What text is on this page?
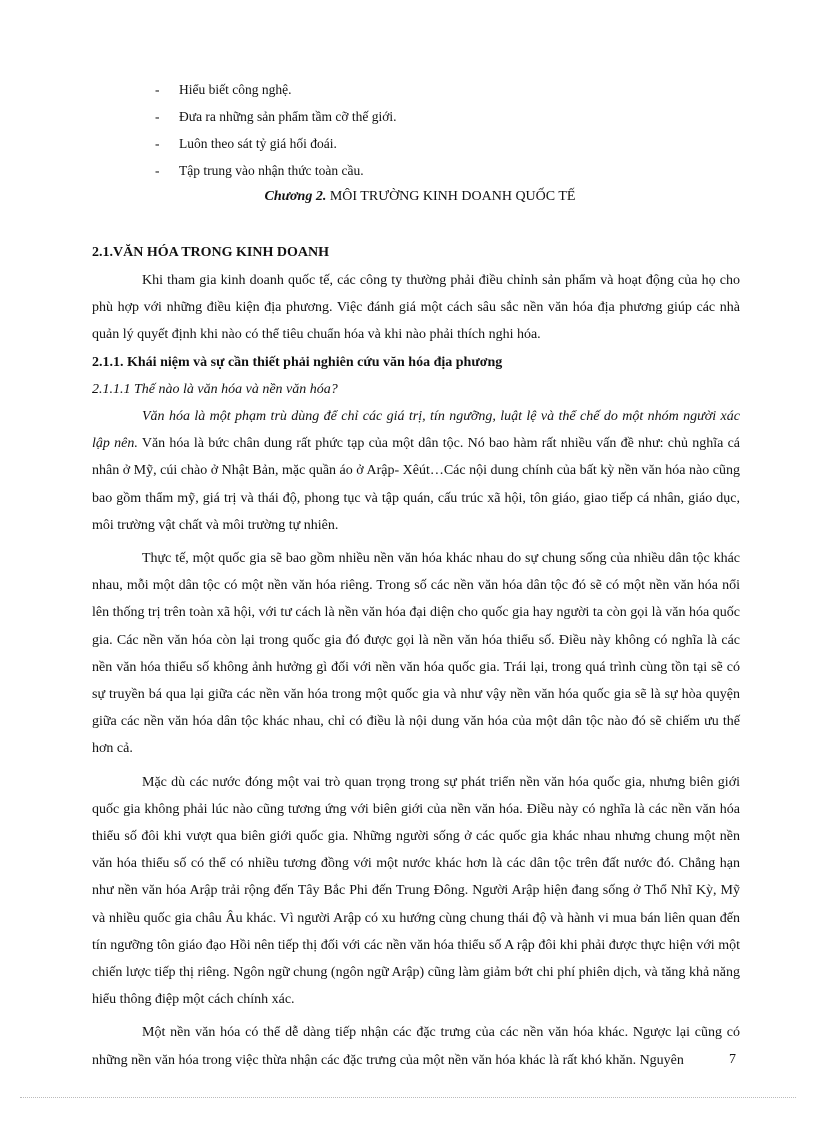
-	Hiểu biết công nghệ.
-	Đưa ra những sản phẩm tầm cỡ thế giới.
-	Luôn theo sát tỷ giá hối đoái.
-	Tập trung vào nhận thức toàn cầu.
Chương 2. MÔI TRƯỜNG KINH DOANH QUỐC TẾ
2.1.VĂN HÓA TRONG KINH DOANH

Khi tham gia kinh doanh quốc tế, các công ty thường phải điều chỉnh sản phẩm và hoạt động của họ cho phù hợp với những điều kiện địa phương. Việc đánh giá một cách sâu sắc nền văn hóa địa phương giúp các nhà quản lý quyết định khi nào có thể tiêu chuẩn hóa và khi nào phải thích nghi hóa.

2.1.1. Khái niệm và sự cần thiết phải nghiên cứu văn hóa địa phương

2.1.1.1 Thế nào là văn hóa và nền văn hóa?

Văn hóa là một phạm trù dùng để chỉ các giá trị, tín ngưỡng, luật lệ và thể chế do một nhóm người xác lập nên. Văn hóa là bức chân dung rất phức tạp của một dân tộc. Nó bao hàm rất nhiều vấn đề như: chủ nghĩa cá nhân ở Mỹ, cúi chào ở Nhật Bản, mặc quần áo ở Arập- Xêút…Các nội dung chính của bất kỳ nền văn hóa nào cũng bao gồm thẩm mỹ, giá trị và thái độ, phong tục và tập quán, cấu trúc xã hội, tôn giáo, giao tiếp cá nhân, giáo dục, môi trường vật chất và môi trường tự nhiên.

Thực tế, một quốc gia sẽ bao gồm nhiều nền văn hóa khác nhau do sự chung sống của nhiều dân tộc khác nhau, mỗi một dân tộc có một nền văn hóa riêng. Trong số các nền văn hóa dân tộc đó sẽ có một nền văn hóa nổi lên thống trị trên toàn xã hội, với tư cách là nền văn hóa đại diện cho quốc gia hay người ta còn gọi là văn hóa quốc gia. Các nền văn hóa còn lại trong quốc gia đó được gọi là nền văn hóa thiểu số. Điều này không có nghĩa là các nền văn hóa thiểu số không ảnh hưởng gì đối với nền văn hóa quốc gia. Trái lại, trong quá trình cùng tồn tại sẽ có sự truyền bá qua lại giữa các nền văn hóa trong một quốc gia và như vậy nền văn hóa quốc gia sẽ là sự hòa quyện giữa các nền văn hóa dân tộc khác nhau, chỉ có điều là nội dung văn hóa của một dân tộc nào đó sẽ chiếm ưu thế hơn cả.

Mặc dù các nước đóng một vai trò quan trọng trong sự phát triển nền văn hóa quốc gia, nhưng biên giới quốc gia không phải lúc nào cũng tương ứng với biên giới của nền văn hóa. Điều này có nghĩa là các nền văn hóa thiểu số đôi khi vượt qua biên giới quốc gia. Những người sống ở các quốc gia khác nhau nhưng chung một nền văn hóa thiểu số có thể có nhiều tương đồng với một nước khác hơn là các dân tộc trên đất nước đó. Chẳng hạn như nền văn hóa Arập trải rộng đến Tây Bắc Phi đến Trung Đông. Người Arập hiện đang sống ở Thổ Nhĩ Kỳ, Mỹ và nhiều quốc gia châu Âu khác. Vì người Arập có xu hướng cùng chung thái độ và hành vi mua bán liên quan đến tín ngưỡng tôn giáo đạo Hồi nên tiếp thị đối với các nền văn hóa thiểu số A rập đôi khi phải được thực hiện với một chiến lược tiếp thị riêng. Ngôn ngữ chung (ngôn ngữ Arập) cũng làm giảm bớt chi phí phiên dịch, và tăng khả năng hiểu thông điệp một cách chính xác.

Một nền văn hóa có thể dễ dàng tiếp nhận các đặc trưng của các nền văn hóa khác. Ngược lại cũng có những nền văn hóa trong việc thừa nhận các đặc trưng của một nền văn hóa khác là rất khó khăn. Nguyên	7
